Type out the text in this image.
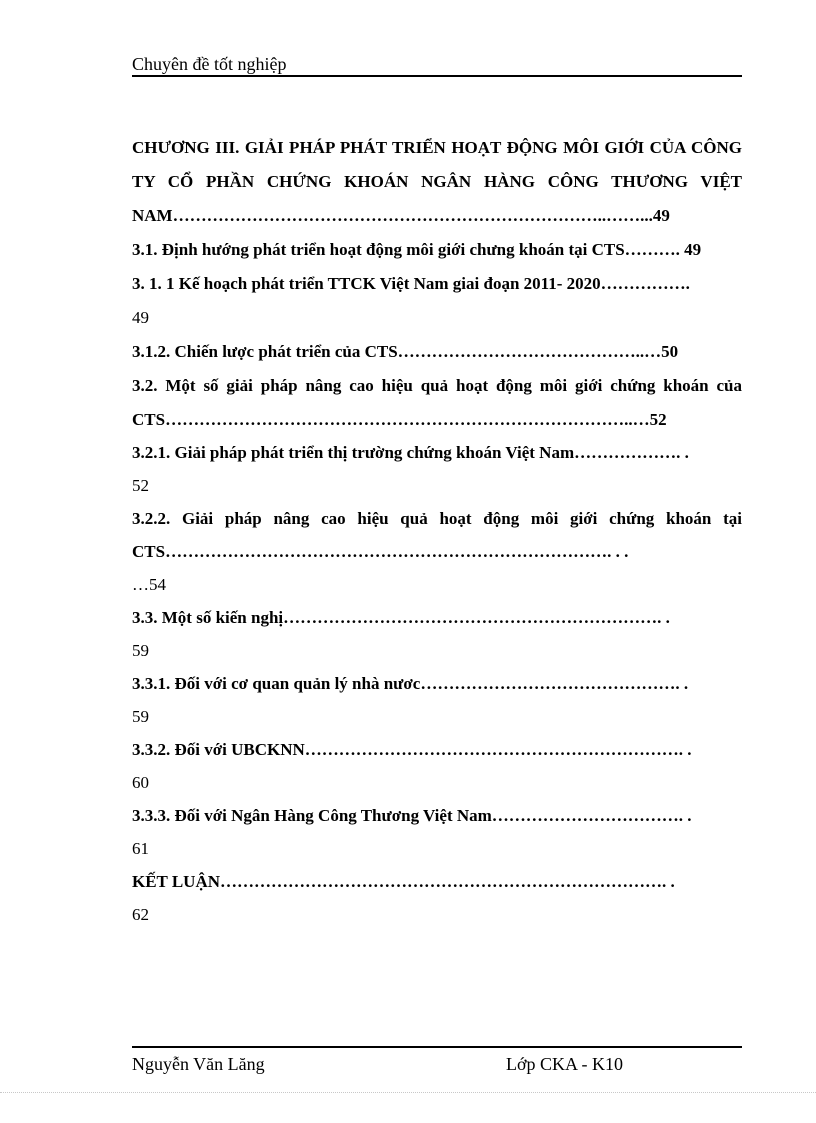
Chuyên đề tốt nghiệp
CHƯƠNG III. GIẢI PHÁP PHÁT TRIỂN HOẠT ĐỘNG MÔI GIỚI CỦA CÔNG
TY CỔ PHẦN CHỨNG KHOÁN NGÂN HÀNG CÔNG THƯƠNG VIỆT
NAM…………………………………………………………………..……...49
3.1. Định hướng phát triển hoạt động môi giới chưng khoán tại CTS………. 49
3. 1. 1 Kế hoạch phát triển TTCK Việt Nam giai đoạn 2011- 2020…………….
49
3.1.2. Chiến lược phát triển của CTS……………………………………..…50
3.2. Một số giải pháp nâng cao hiệu quả hoạt động môi giới chứng khoán của
CTS………………………………………………………………………..…52
3.2.1. Giải pháp phát triển thị trường chứng khoán Việt Nam………………. .
52
3.2.2. Giải pháp nâng cao hiệu quả hoạt động môi giới chứng khoán tại
CTS……………………………………………………………………. . .
…54
3.3. Một số kiến nghị…………………………………………………………. .
59
3.3.1. Đối với cơ quan quản lý nhà nươc………………………………………. .
59
3.3.2. Đối với UBCKNN…………………………………………………………. .
60
3.3.3. Đối với Ngân Hàng Công Thương Việt Nam……………………………. .
61
KẾT LUẬN……………………………………………………………………. .
62
Nguyễn Văn Lăng	Lớp CKA - K10
